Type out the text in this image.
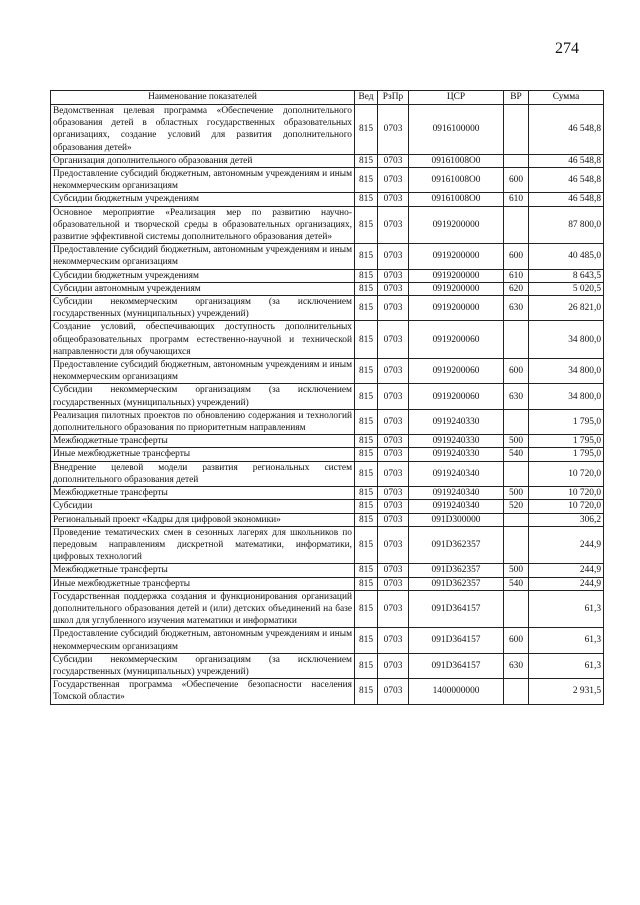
274
Наименование показателей	Вед	РзПр	ЦСР	ВР	Сумма
Ведомственная целевая программа «Обеспечение дополнительного образования детей в областных государственных образовательных организациях, создание условий для развития дополнительного образования детей»	815	0703	0916100000		46 548,8
Организация дополнительного образования детей	815	0703	09161008О0		46 548,8
Предоставление субсидий бюджетным, автономным учреждениям и иным некоммерческим организациям	815	0703	09161008О0	600	46 548,8
Субсидии бюджетным учреждениям	815	0703	09161008О0	610	46 548,8
Основное мероприятие «Реализация мер по развитию научно-образовательной и творческой среды в образовательных организациях, развитие эффективной системы дополнительного образования детей»	815	0703	0919200000		87 800,0
Предоставление субсидий бюджетным, автономным учреждениям и иным некоммерческим организациям	815	0703	0919200000	600	40 485,0
Субсидии бюджетным учреждениям	815	0703	0919200000	610	8 643,5
Субсидии автономным учреждениям	815	0703	0919200000	620	5 020,5
Субсидии некоммерческим организациям (за исключением государственных (муниципальных) учреждений)	815	0703	0919200000	630	26 821,0
Создание условий, обеспечивающих доступность дополнительных общеобразовательных программ естественно-научной и технической направленности для обучающихся	815	0703	0919200060		34 800,0
Предоставление субсидий бюджетным, автономным учреждениям и иным некоммерческим организациям	815	0703	0919200060	600	34 800,0
Субсидии некоммерческим организациям (за исключением государственных (муниципальных) учреждений)	815	0703	0919200060	630	34 800,0
Реализация пилотных проектов по обновлению содержания и технологий дополнительного образования по приоритетным направлениям	815	0703	0919240330		1 795,0
Межбюджетные трансферты	815	0703	0919240330	500	1 795,0
Иные межбюджетные трансферты	815	0703	0919240330	540	1 795,0
Внедрение целевой модели развития региональных систем дополнительного образования детей	815	0703	0919240340		10 720,0
Межбюджетные трансферты	815	0703	0919240340	500	10 720,0
Субсидии	815	0703	0919240340	520	10 720,0
Региональный проект «Кадры для цифровой экономики»	815	0703	091D300000		306,2
Проведение тематических смен в сезонных лагерях для школьников по передовым направлениям дискретной математики, информатики, цифровых технологий	815	0703	091D362357		244,9
Межбюджетные трансферты	815	0703	091D362357	500	244,9
Иные межбюджетные трансферты	815	0703	091D362357	540	244,9
Государственная поддержка создания и функционирования организаций дополнительного образования детей и (или) детских объединений на базе школ для углубленного изучения математики и информатики	815	0703	091D364157		61,3
Предоставление субсидий бюджетным, автономным учреждениям и иным некоммерческим организациям	815	0703	091D364157	600	61,3
Субсидии некоммерческим организациям (за исключением государственных (муниципальных) учреждений)	815	0703	091D364157	630	61,3
Государственная программа «Обеспечение безопасности населения Томской области»	815	0703	1400000000		2 931,5
